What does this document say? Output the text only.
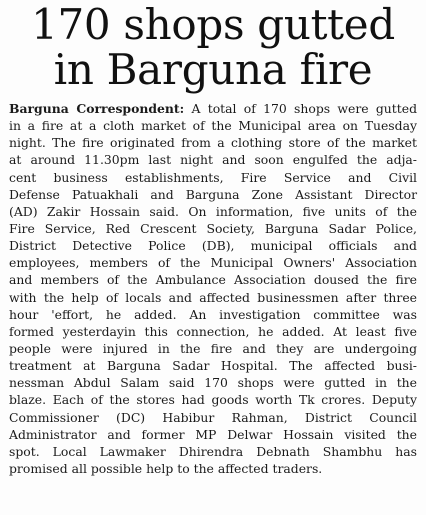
170 shops gutted
in Barguna fire
Barguna Correspondent: A total of 170 shops were gutted
in a fire at a cloth market of the Municipal area on Tuesday
night. The fire originated from a clothing store of the market
at around 11.30pm last night and soon engulfed the adja-
cent business establishments, Fire Service and Civil
Defense Patuakhali and Barguna Zone Assistant Director
(AD) Zakir Hossain said. On information, five units of the
Fire Service, Red Crescent Society, Barguna Sadar Police,
District Detective Police (DB), municipal officials and
employees, members of the Municipal Owners' Association
and members of the Ambulance Association doused the fire
with the help of locals and affected businessmen after three
hour 'effort, he added. An investigation committee was
formed yesterdayin this connection, he added. At least five
people were injured in the fire and they are undergoing
treatment at Barguna Sadar Hospital. The affected busi-
nessman Abdul Salam said 170 shops were gutted in the
blaze. Each of the stores had goods worth Tk crores. Deputy
Commissioner (DC) Habibur Rahman, District Council
Administrator and former MP Delwar Hossain visited the
spot. Local Lawmaker Dhirendra Debnath Shambhu has
promised all possible help to the affected traders.
